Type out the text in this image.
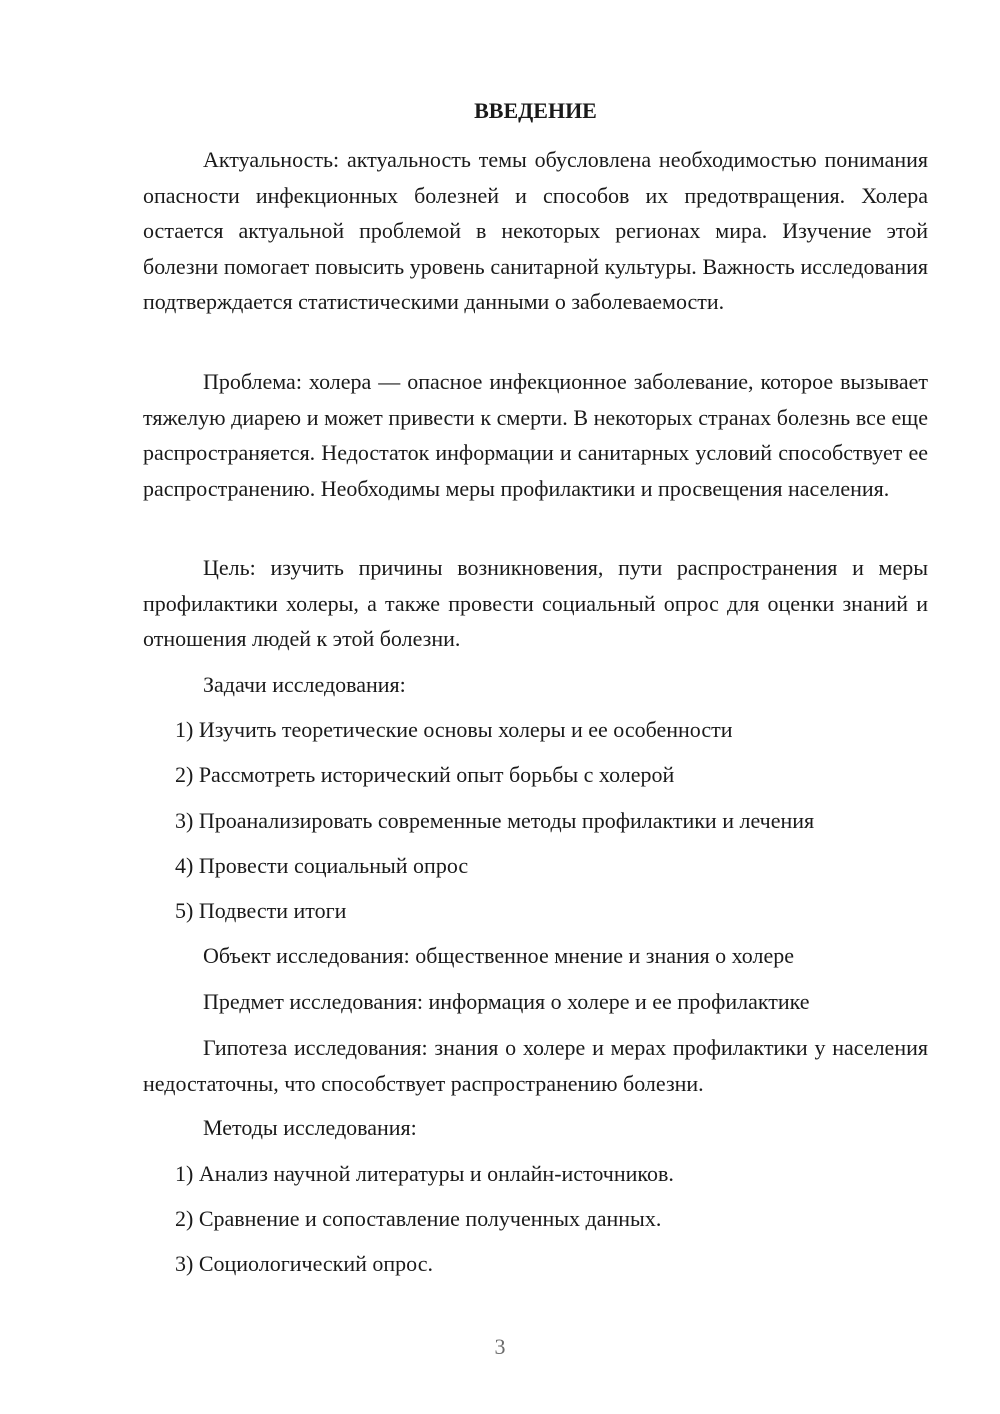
ВВЕДЕНИЕ

Актуальность: актуальность темы обусловлена необходимостью понимания опасности инфекционных болезней и способов их предотвращения. Холера остается актуальной проблемой в некоторых регионах мира. Изучение этой болезни помогает повысить уровень санитарной культуры. Важность исследования подтверждается статистическими данными о заболеваемости.

Проблема: холера — опасное инфекционное заболевание, которое вызывает тяжелую диарею и может привести к смерти. В некоторых странах болезнь все еще распространяется. Недостаток информации и санитарных условий способствует ее распространению. Необходимы меры профилактики и просвещения населения.

Цель: изучить причины возникновения, пути распространения и меры профилактики холеры, а также провести социальный опрос для оценки знаний и отношения людей к этой болезни.

Задачи исследования:

1) Изучить теоретические основы холеры и ее особенности

2) Рассмотреть исторический опыт борьбы с холерой

3) Проанализировать современные методы профилактики и лечения

4) Провести социальный опрос

5) Подвести итоги

Объект исследования: общественное мнение и знания о холере

Предмет исследования: информация о холере и ее профилактике

Гипотеза исследования: знания о холере и мерах профилактики у населения недостаточны, что способствует распространению болезни.

Методы исследования:

1) Анализ научной литературы и онлайн-источников.

2) Сравнение и сопоставление полученных данных.

3) Социологический опрос.

3
